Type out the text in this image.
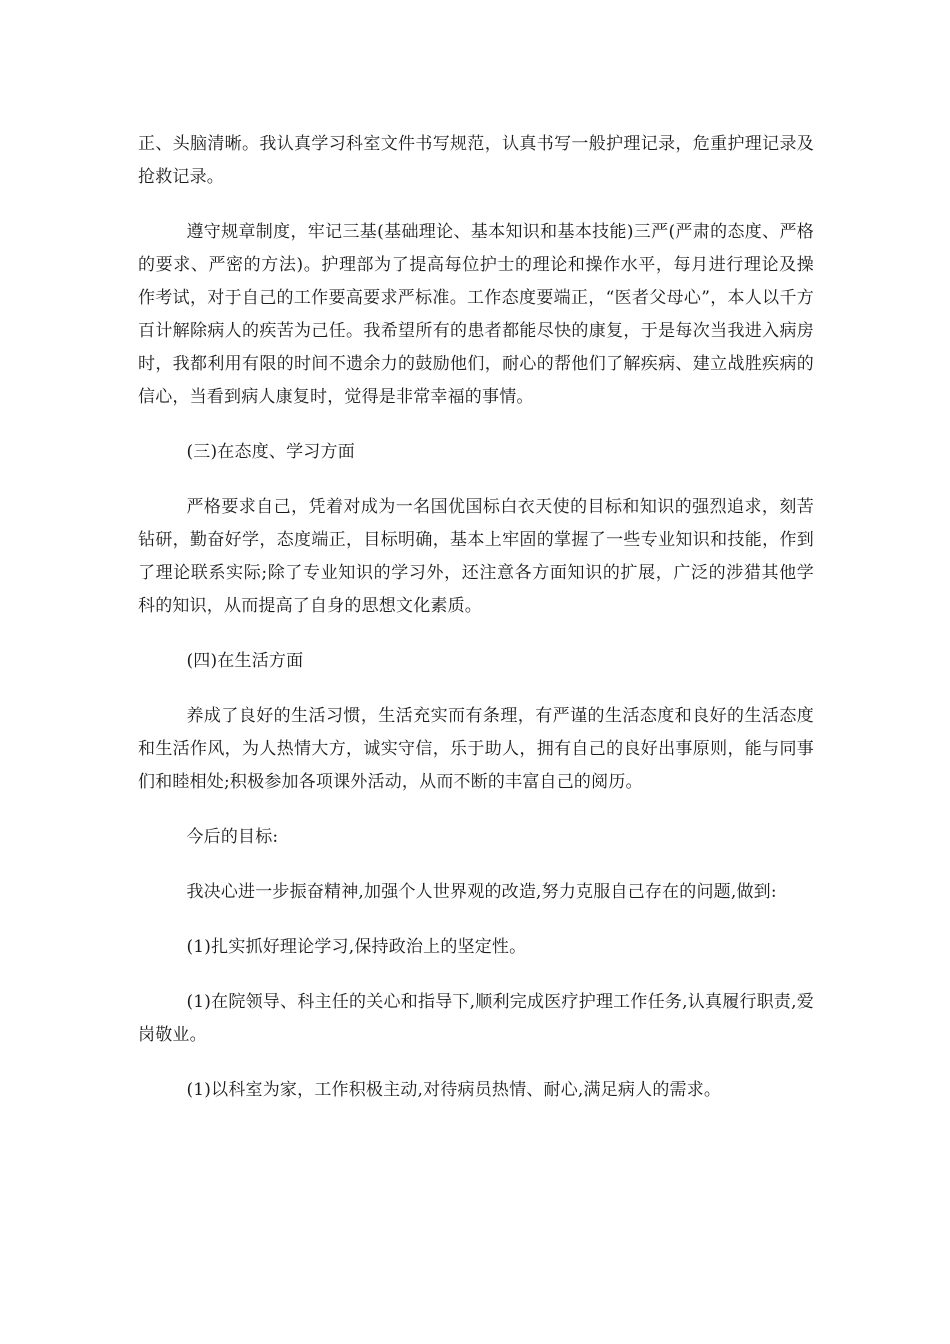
正、头脑清晰。我认真学习科室文件书写规范，认真书写一般护理记录，危重护理记录及抢救记录。

遵守规章制度，牢记三基(基础理论、基本知识和基本技能)三严(严肃的态度、严格的要求、严密的方法)。护理部为了提高每位护士的理论和操作水平，每月进行理论及操作考试，对于自己的工作要高要求严标准。工作态度要端正，“医者父母心”，本人以千方百计解除病人的疾苦为己任。我希望所有的患者都能尽快的康复，于是每次当我进入病房时，我都利用有限的时间不遗余力的鼓励他们，耐心的帮他们了解疾病、建立战胜疾病的信心，当看到病人康复时，觉得是非常幸福的事情。

(三)在态度、学习方面

严格要求自己，凭着对成为一名国优国标白衣天使的目标和知识的强烈追求，刻苦钻研，勤奋好学，态度端正，目标明确，基本上牢固的掌握了一些专业知识和技能，作到了理论联系实际;除了专业知识的学习外，还注意各方面知识的扩展，广泛的涉猎其他学科的知识，从而提高了自身的思想文化素质。

(四)在生活方面

养成了良好的生活习惯，生活充实而有条理，有严谨的生活态度和良好的生活态度和生活作风，为人热情大方，诚实守信，乐于助人，拥有自己的良好出事原则，能与同事们和睦相处;积极参加各项课外活动，从而不断的丰富自己的阅历。

今后的目标:

我决心进一步振奋精神,加强个人世界观的改造,努力克服自己存在的问题,做到:

(1)扎实抓好理论学习,保持政治上的坚定性。

(1)在院领导、科主任的关心和指导下,顺利完成医疗护理工作任务,认真履行职责,爱岗敬业。

(1)以科室为家，工作积极主动,对待病员热情、耐心,满足病人的需求。
